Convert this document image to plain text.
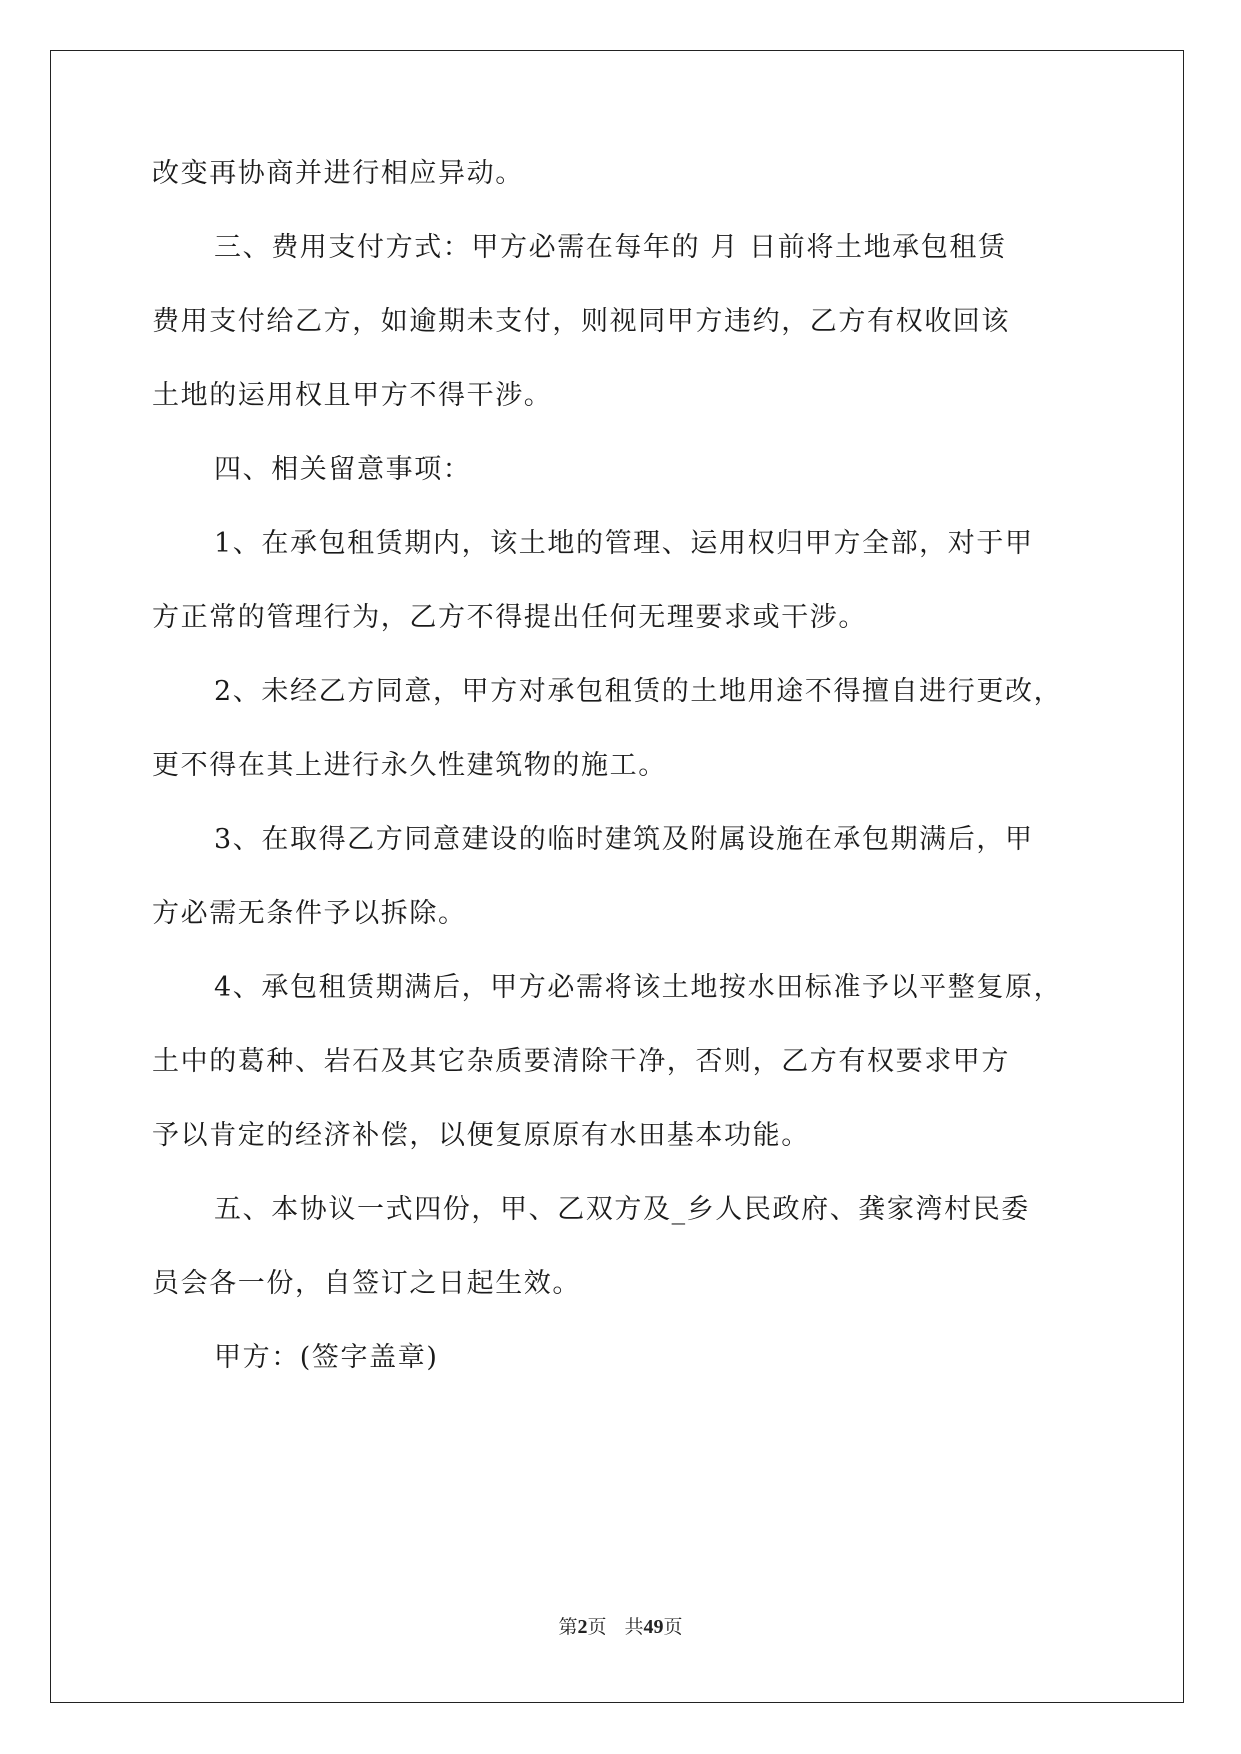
改变再协商并进行相应异动。
三、费用支付方式：甲方必需在每年的 月 日前将土地承包租赁
费用支付给乙方，如逾期未支付，则视同甲方违约，乙方有权收回该
土地的运用权且甲方不得干涉。
四、相关留意事项：
1、在承包租赁期内，该土地的管理、运用权归甲方全部，对于甲
方正常的管理行为，乙方不得提出任何无理要求或干涉。
2、未经乙方同意，甲方对承包租赁的土地用途不得擅自进行更改，
更不得在其上进行永久性建筑物的施工。
3、在取得乙方同意建设的临时建筑及附属设施在承包期满后，甲
方必需无条件予以拆除。
4、承包租赁期满后，甲方必需将该土地按水田标准予以平整复原，
土中的葛种、岩石及其它杂质要清除干净，否则，乙方有权要求甲方
予以肯定的经济补偿，以便复原原有水田基本功能。
五、本协议一式四份，甲、乙双方及_乡人民政府、龚家湾村民委
员会各一份，自签订之日起生效。
甲方：(签字盖章)
第2页 共49页
